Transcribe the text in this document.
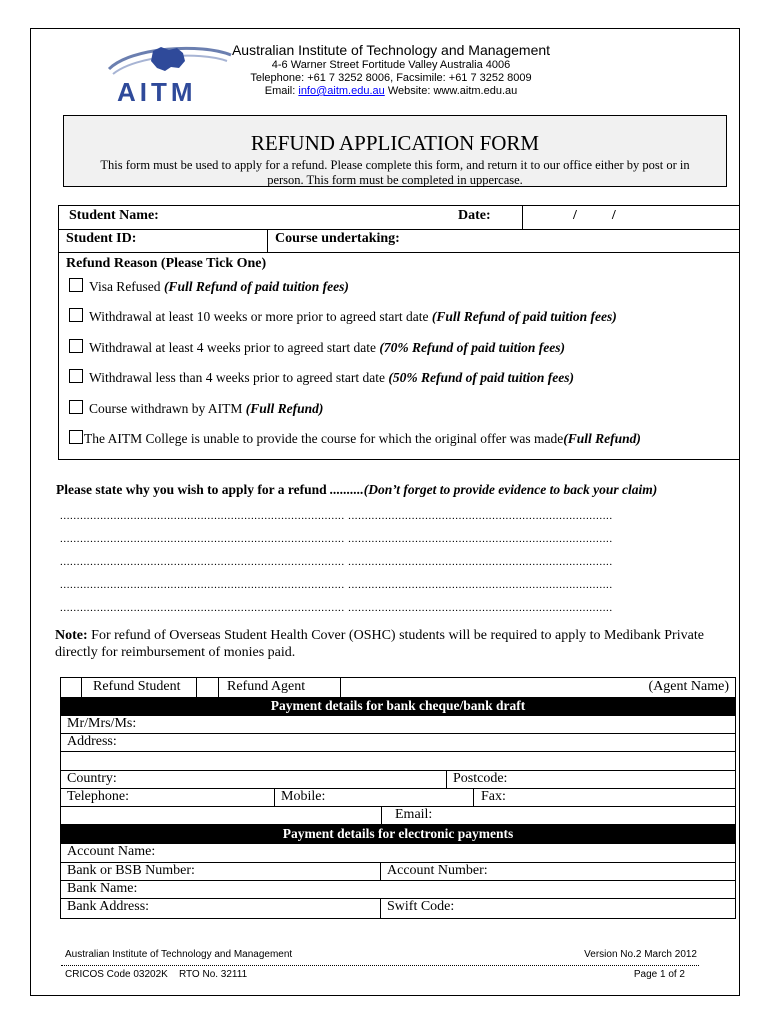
AITM
Australian Institute of Technology and Management
4-6 Warner Street Fortitude Valley Australia 4006
Telephone: +61 7 3252 8006, Facsimile: +61 7 3252 8009
Email: info@aitm.edu.au Website: www.aitm.edu.au
REFUND APPLICATION FORM
This form must be used to apply for a refund. Please complete this form, and return it to our office either by post or in person. This form must be completed in uppercase.
Student Name:	Date:	/          /
Student ID:	Course undertaking:
Refund Reason (Please Tick One)
Visa Refused (Full Refund of paid tuition fees)
Withdrawal at least 10 weeks or more prior to agreed start date (Full Refund of paid tuition fees)
Withdrawal at least 4 weeks prior to agreed start date (70% Refund of paid tuition fees)
Withdrawal less than 4 weeks prior to agreed start date (50% Refund of paid tuition fees)
Course withdrawn by AITM (Full Refund)
The AITM College is unable to provide the course for which the original offer was made(Full Refund)
Please state why you wish to apply for a refund ..........(Don’t forget to provide evidence to back your claim)
..................................................................................... ...............................................................................
..................................................................................... ...............................................................................
..................................................................................... ...............................................................................
..................................................................................... ...............................................................................
..................................................................................... ...............................................................................
Note: For refund of Overseas Student Health Cover (OSHC) students will be required to apply to Medibank Private directly for reimbursement of monies paid.
Refund Student	Refund Agent	(Agent Name)
Payment details for bank cheque/bank draft
Mr/Mrs/Ms:
Address:
Country:	Postcode:
Telephone:	Mobile:	Fax:
Email:
Payment details for electronic payments
Account Name:
Bank or BSB Number:	Account Number:
Bank Name:
Bank Address:	Swift Code:
Australian Institute of Technology and Management	Version No.2 March 2012
CRICOS Code 03202K    RTO No. 32111	Page 1 of 2
